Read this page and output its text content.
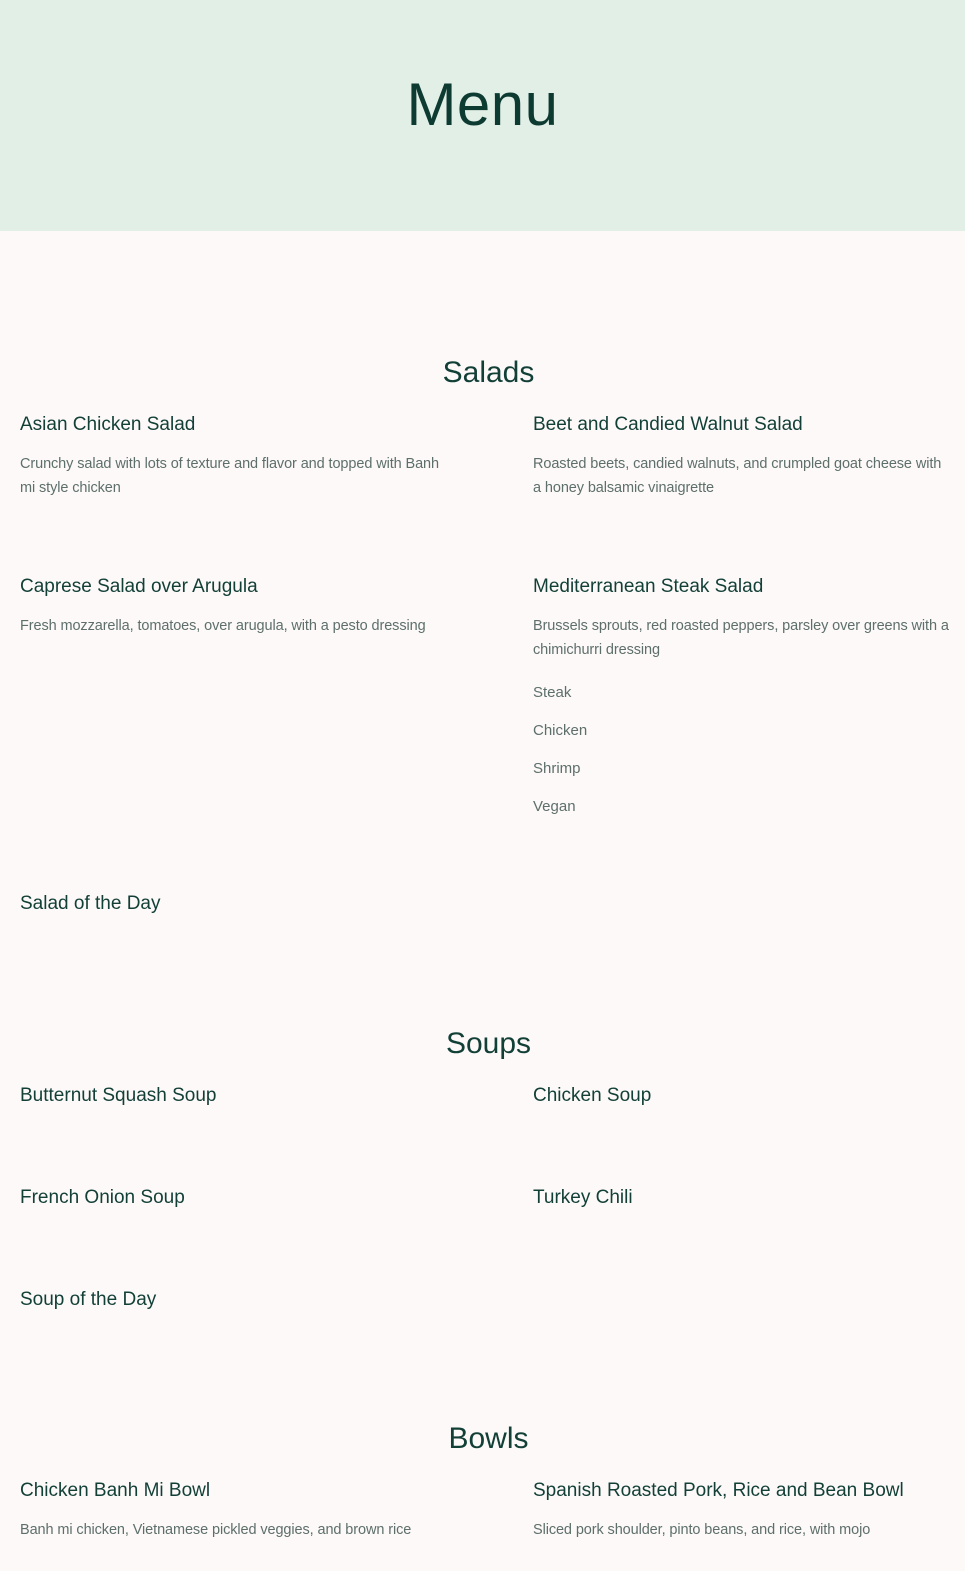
Menu
Salads
Asian Chicken Salad
Crunchy salad with lots of texture and flavor and topped with Banh mi style chicken
Beet and Candied Walnut Salad
Roasted beets, candied walnuts, and crumpled goat cheese with a honey balsamic vinaigrette
Caprese Salad over Arugula
Fresh mozzarella, tomatoes, over arugula, with a pesto dressing
Mediterranean Steak Salad
Brussels sprouts, red roasted peppers, parsley over greens with a chimichurri dressing
Steak
Chicken
Shrimp
Vegan
Salad of the Day
Soups
Butternut Squash Soup	Chicken Soup
French Onion Soup	Turkey Chili
Soup of the Day
Bowls
Chicken Banh Mi Bowl
Banh mi chicken, Vietnamese pickled veggies, and brown rice
Spanish Roasted Pork, Rice and Bean Bowl
Sliced pork shoulder, pinto beans, and rice, with mojo
